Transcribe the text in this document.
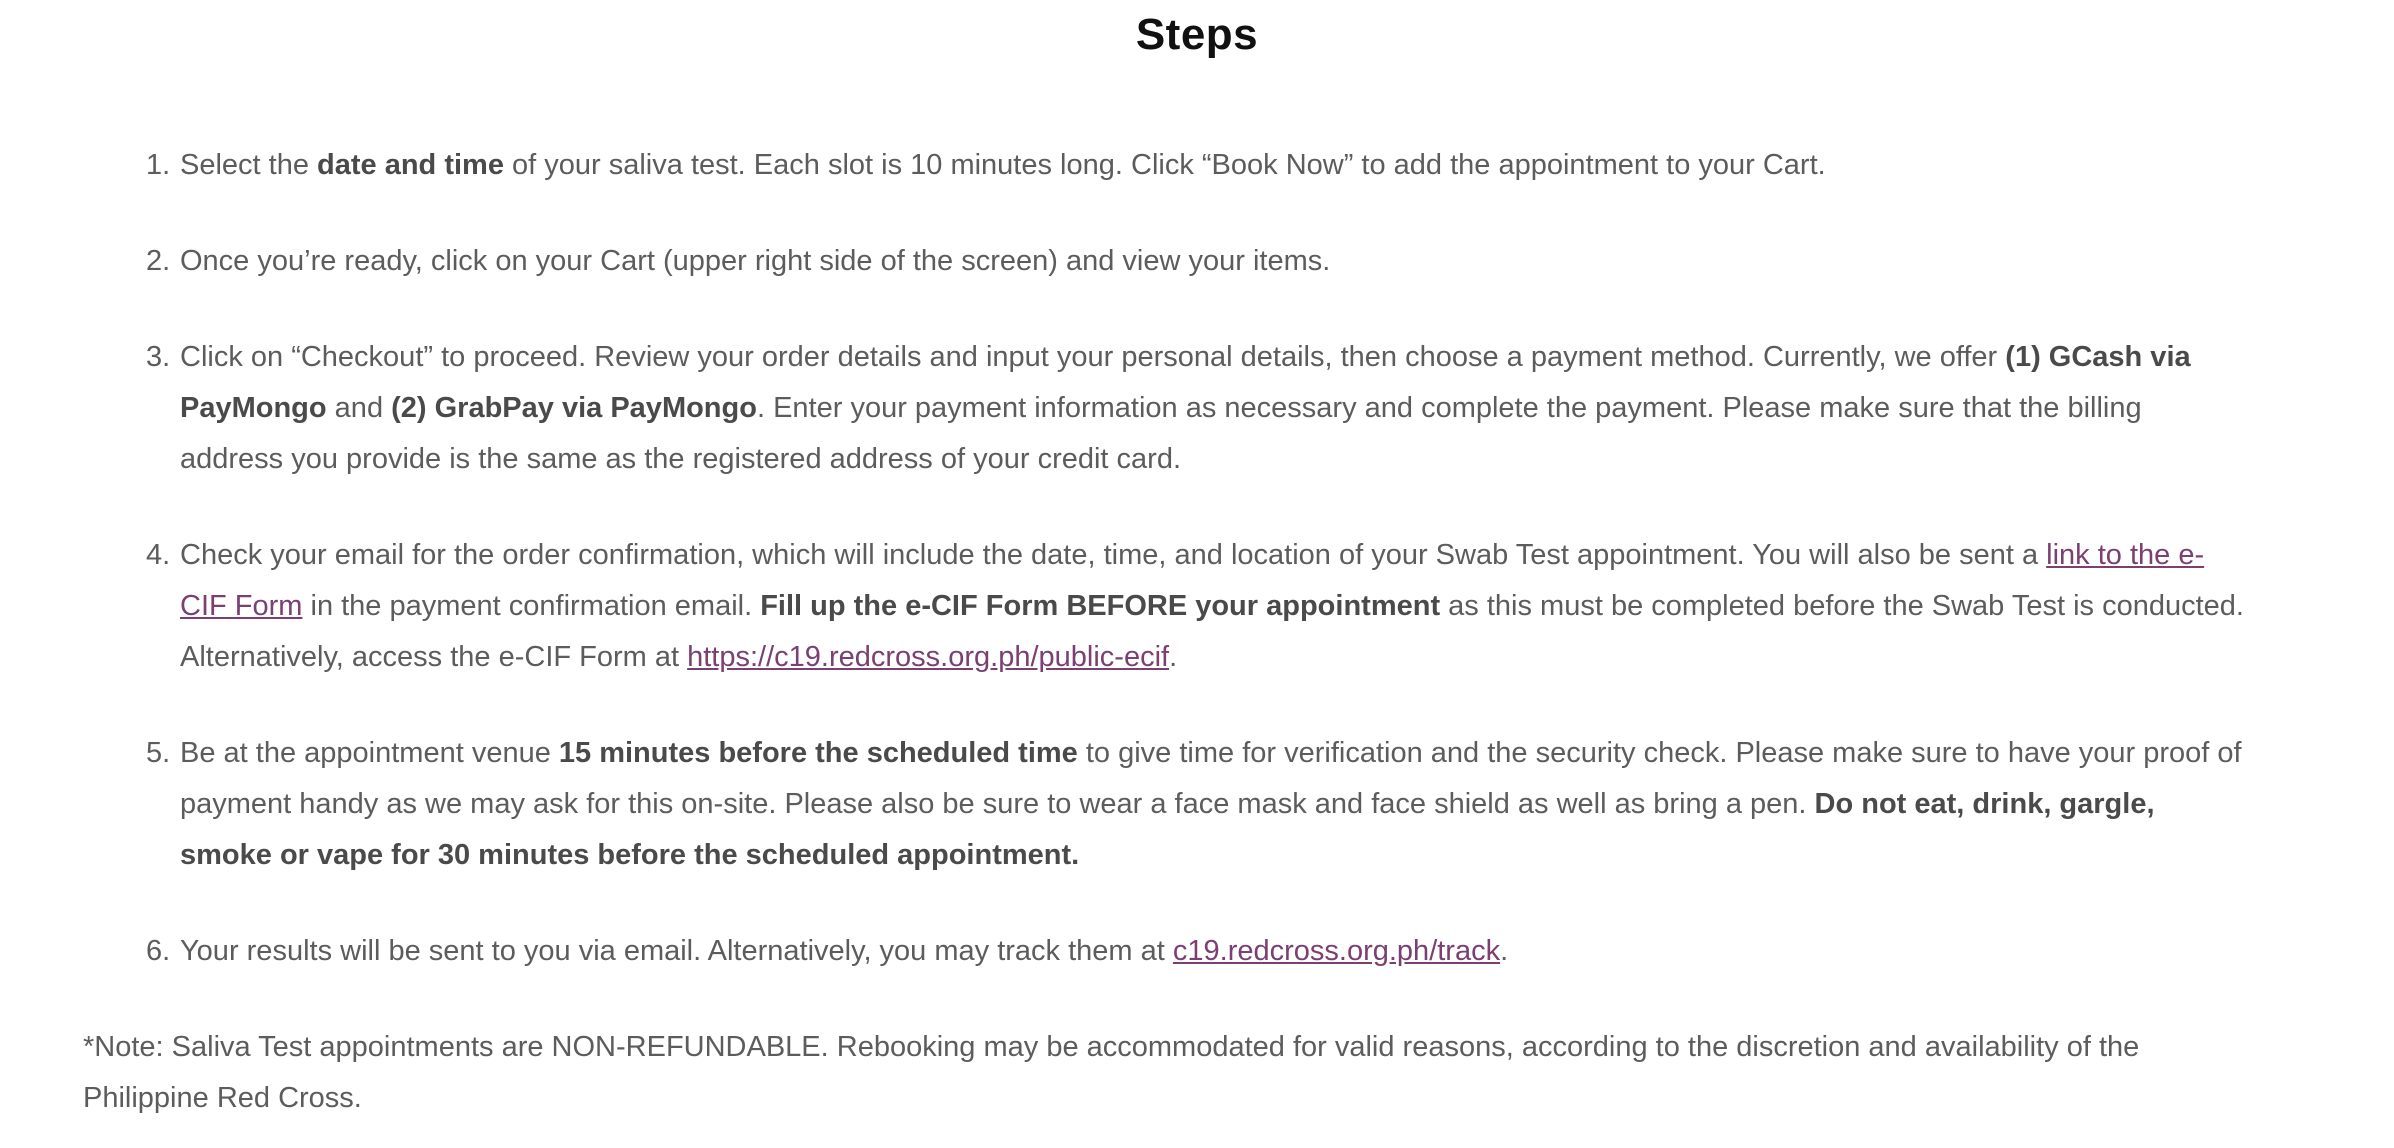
Steps
1. Select the date and time of your saliva test. Each slot is 10 minutes long. Click “Book Now” to add the appointment to your Cart.
2. Once you’re ready, click on your Cart (upper right side of the screen) and view your items.
3. Click on “Checkout” to proceed. Review your order details and input your personal details, then choose a payment method. Currently, we offer (1) GCash via PayMongo and (2) GrabPay via PayMongo. Enter your payment information as necessary and complete the payment. Please make sure that the billing address you provide is the same as the registered address of your credit card.
4. Check your email for the order confirmation, which will include the date, time, and location of your Swab Test appointment. You will also be sent a link to the e-CIF Form in the payment confirmation email. Fill up the e-CIF Form BEFORE your appointment as this must be completed before the Swab Test is conducted. Alternatively, access the e-CIF Form at https://c19.redcross.org.ph/public-ecif.
5. Be at the appointment venue 15 minutes before the scheduled time to give time for verification and the security check. Please make sure to have your proof of payment handy as we may ask for this on-site. Please also be sure to wear a face mask and face shield as well as bring a pen. Do not eat, drink, gargle, smoke or vape for 30 minutes before the scheduled appointment.
6. Your results will be sent to you via email. Alternatively, you may track them at c19.redcross.org.ph/track.
*Note: Saliva Test appointments are NON-REFUNDABLE. Rebooking may be accommodated for valid reasons, according to the discretion and availability of the Philippine Red Cross.
